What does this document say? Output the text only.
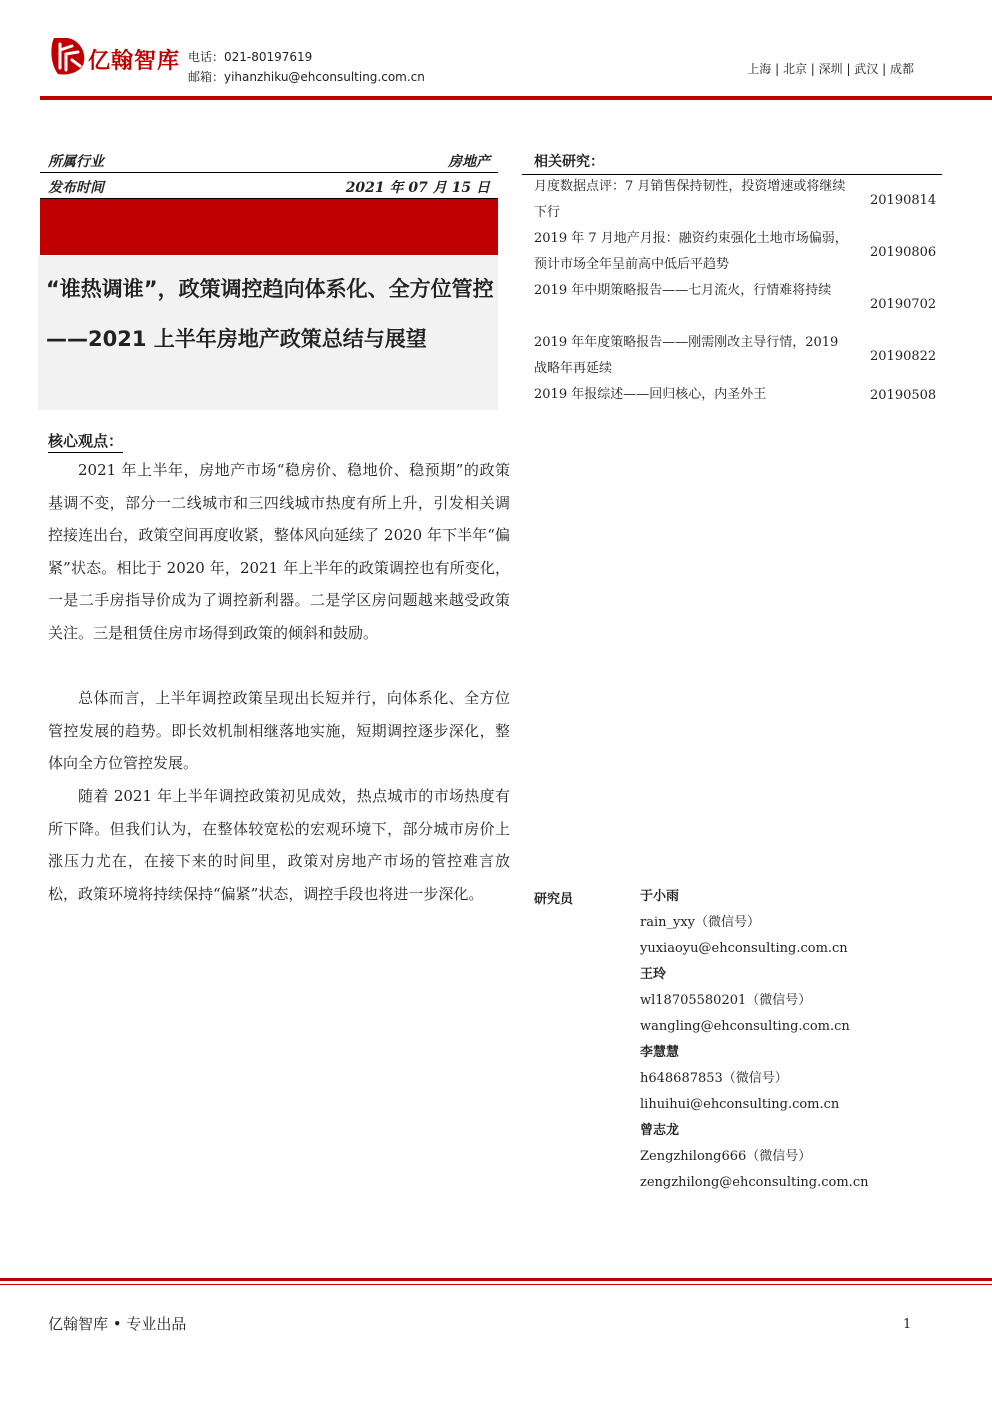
亿翰智库 电话：021-80197619
邮箱：yihanzhiku@ehconsulting.com.cn
上海 | 北京 | 深圳 | 武汉 | 成都
所属行业	房地产
发布时间	2021 年 07 月 15 日
“谁热调谁”，政策调控趋向体系化、全方位管控——2021 上半年房地产政策总结与展望
核心观点：
2021 年上半年，房地产市场“稳房价、稳地价、稳预期”的政策基调不变，部分一二线城市和三四线城市热度有所上升，引发相关调控接连出台，政策空间再度收紧，整体风向延续了 2020 年下半年“偏紧”状态。相比于 2020 年，2021 年上半年的政策调控也有所变化，一是二手房指导价成为了调控新利器。二是学区房问题越来越受政策关注。三是租赁住房市场得到政策的倾斜和鼓励。
总体而言，上半年调控政策呈现出长短并行，向体系化、全方位管控发展的趋势。即长效机制相继落地实施，短期调控逐步深化，整体向全方位管控发展。
随着 2021 年上半年调控政策初见成效，热点城市的市场热度有所下降。但我们认为，在整体较宽松的宏观环境下，部分城市房价上涨压力尤在，在接下来的时间里，政策对房地产市场的管控难言放松，政策环境将持续保持“偏紧”状态，调控手段也将进一步深化。
相关研究：
月度数据点评：7 月销售保持韧性，投资增速或将继续下行
20190814
2019 年 7 月地产月报：融资约束强化土地市场偏弱，预计市场全年呈前高中低后平趋势
20190806
2019 年中期策略报告——七月流火，行情难将持续
20190702
2019 年年度策略报告——刚需刚改主导行情，2019 战略年再延续
20190822
2019 年报综述——回归核心，内圣外王	20190508
研究员	于小雨
rain_yxy（微信号）
yuxiaoyu@ehconsulting.com.cn
王玲
wl18705580201（微信号）
wangling@ehconsulting.com.cn
李慧慧
h648687853（微信号）
lihuihui@ehconsulting.com.cn
曾志龙
Zengzhilong666（微信号）
zengzhilong@ehconsulting.com.cn
亿翰智库 • 专业出品	1
